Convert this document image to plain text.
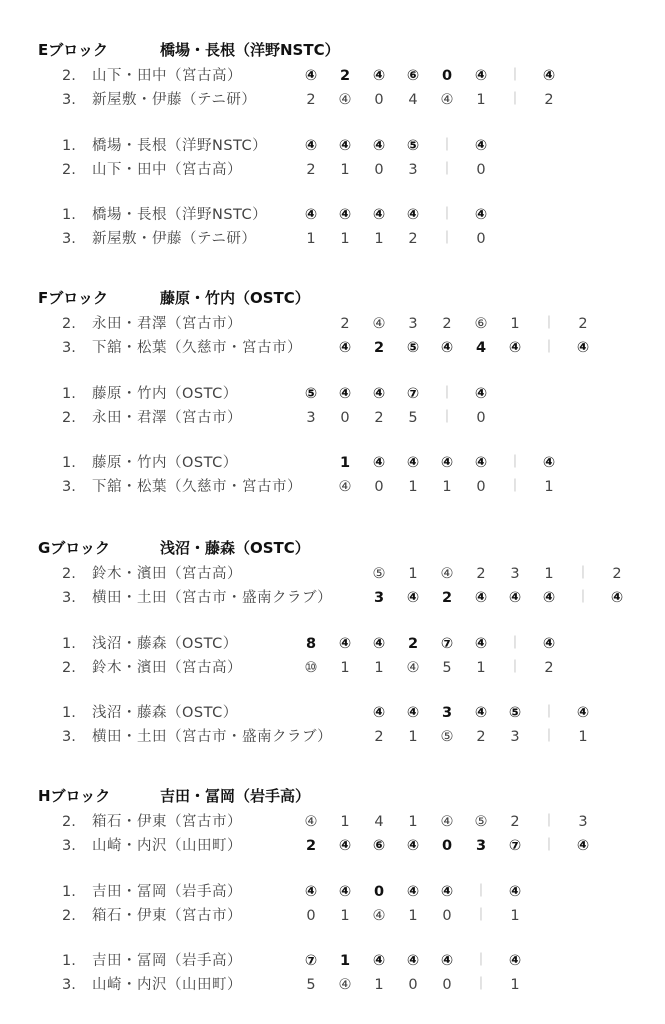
Eブロック	橋場・長根（洋野NSTC）
2.	山下・田中（宮古高）	④	2	④	⑥	0	④	｜	④
3.	新屋敷・伊藤（テニ研）	2	④	0	4	④	1	｜	2
1.	橋場・長根（洋野NSTC）	④	④	④	⑤	｜	④
2.	山下・田中（宮古高）	2	1	0	3	｜	0
1.	橋場・長根（洋野NSTC）	④	④	④	④	｜	④
3.	新屋敷・伊藤（テニ研）	1	1	1	2	｜	0
Fブロック	藤原・竹内（OSTC）
2.	永田・君澤（宮古市）	2	④	3	2	⑥	1	｜	2
3.	下舘・松葉（久慈市・宮古市）	④	2	⑤	④	4	④	｜	④
1.	藤原・竹内（OSTC）	⑤	④	④	⑦	｜	④
2.	永田・君澤（宮古市）	3	0	2	5	｜	0
1.	藤原・竹内（OSTC）	1	④	④	④	④	｜	④
3.	下舘・松葉（久慈市・宮古市）	④	0	1	1	0	｜	1
Gブロック	浅沼・藤森（OSTC）
2.	鈴木・濱田（宮古高）	⑤	1	④	2	3	1	｜	2
3.	横田・土田（宮古市・盛南クラブ）	3	④	2	④	④	④	｜	④
1.	浅沼・藤森（OSTC）	8	④	④	2	⑦	④	｜	④
2.	鈴木・濱田（宮古高）	⑩	1	1	④	5	1	｜	2
1.	浅沼・藤森（OSTC）	④	④	3	④	⑤	｜	④
3.	横田・土田（宮古市・盛南クラブ）	2	1	⑤	2	3	｜	1
Hブロック	吉田・冨岡（岩手高）
2.	箱石・伊東（宮古市）	④	1	4	1	④	⑤	2	｜	3
3.	山崎・内沢（山田町）	2	④	⑥	④	0	3	⑦	｜	④
1.	吉田・冨岡（岩手高）	④	④	0	④	④	｜	④
2.	箱石・伊東（宮古市）	0	1	④	1	0	｜	1
1.	吉田・冨岡（岩手高）	⑦	1	④	④	④	｜	④
3.	山崎・内沢（山田町）	5	④	1	0	0	｜	1
